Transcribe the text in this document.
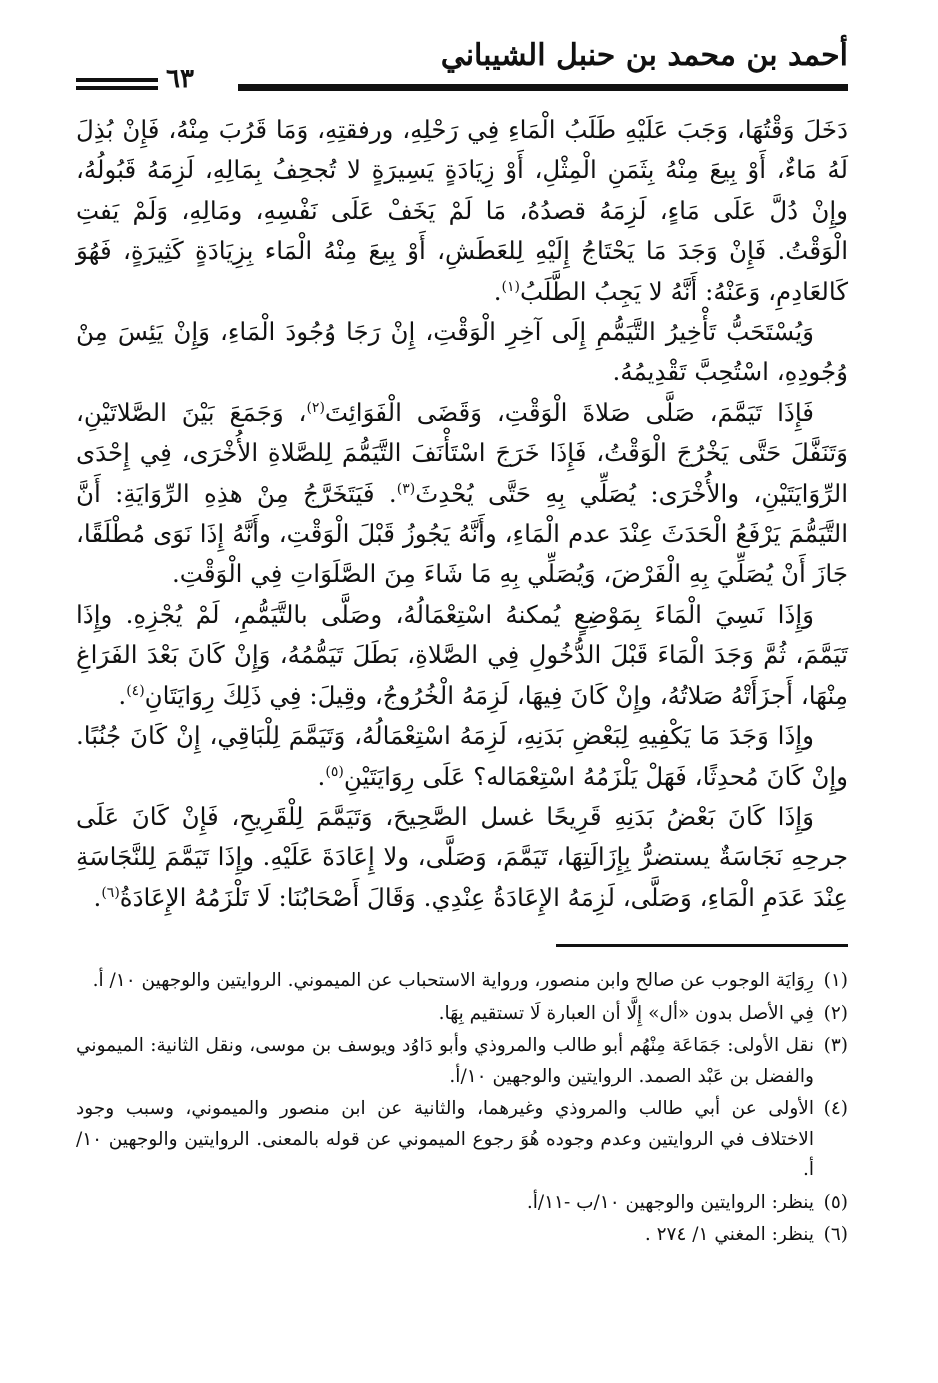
أحمد بن محمد بن حنبل الشيباني
٦٣

دَخَلَ وَقْتُهَا، وَجَبَ عَلَيْهِ طَلَبُ الْمَاءِ فِي رَحْلِهِ، ورفقتِهِ، وَمَا قَرُبَ مِنْهُ، فَإِنْ بُذِلَ لَهُ مَاءٌ، أَوْ بِيعَ مِنْهُ بِثَمَنِ الْمِثْلِ، أَوْ زِيَادَةٍ يَسِيرَةٍ لا تُجحِفُ بِمَالِهِ، لَزِمَهُ قَبُولُهُ، وإِنْ دُلَّ عَلَى مَاءٍ، لَزِمَهُ قصدُهُ، مَا لَمْ يَخَفْ عَلَى نَفْسِهِ، ومَالِهِ، وَلَمْ يَفتِ الْوَقْتُ. فَإِنْ وَجَدَ مَا يَحْتَاجُ إِلَيْهِ لِلعَطَشِ، أَوْ بِيعَ مِنْهُ الْمَاء بِزِيَادَةٍ كَثِيرَةٍ، فَهُوَ كَالعَادِمِ، وَعَنْهُ: أَنَّهُ لا يَجِبُ الطَّلَبُ$^{(١)}$.

وَيُسْتَحَبُّ تَأْخِيرُ التَّيَمُّمِ إِلَى آخِرِ الْوَقْتِ، إِنْ رَجَا وُجُودَ الْمَاءِ، وَإِنْ يَئِسَ مِنْ وُجُودِهِ، اسْتُحِبَّ تَقْدِيمُهُ.

فَإِذَا تَيَمَّمَ، صَلَّى صَلاةَ الْوَقْتِ، وَقَضَى الْفَوَائِتَ$^{(٢)}$، وَجَمَعَ بَيْنَ الصَّلاتَيْنِ، وَتَنَفَّلَ حَتَّى يَخْرُجَ الْوَقْتُ، فَإِذَا خَرَجَ اسْتَأْنَفَ التَّيَمُّمَ لِلصَّلاةِ الأُخْرَى، فِي إِحْدَى الرِّوَايَتَيْنِ، والأُخْرَى: يُصَلِّي بِهِ حَتَّى يُحْدِثَ$^{(٣)}$. فَيَتَخَرَّجُ مِنْ هذِهِ الرِّوَايَةِ: أَنَّ التَّيَمُّمَ يَرْفَعُ الْحَدَثَ عِنْدَ عدم الْمَاءِ، وأَنَّهُ يَجُوزُ قَبْلَ الْوَقْتِ، وأَنَّهُ إِذَا نَوَى مُطْلَقًا، جَازَ أَنْ يُصَلِّيَ بِهِ الْفَرْضَ، وَيُصَلِّي بِهِ مَا شَاءَ مِنَ الصَّلَوَاتِ فِي الْوَقْتِ.

وَإِذَا نَسِيَ الْمَاءَ بِمَوْضِعٍ يُمكنهُ اسْتِعْمَالُهُ، وصَلَّى بالتَّيَمُّمِ، لَمْ يُجْزِهِ. وإِذَا تَيَمَّمَ، ثُمَّ وَجَدَ الْمَاءَ قَبْلَ الدُّخُولِ فِي الصَّلاةِ، بَطَلَ تَيَمُّمُهُ، وَإِنْ كَانَ بَعْدَ الفَرَاغِ مِنْهَا، أَجزَأَتْهُ صَلاتُهُ، وإِنْ كَانَ فِيهَا، لَزِمَهُ الْخُرُوجُ، وقِيلَ: فِي ذَلِكَ رِوَايَتَانِ$^{(٤)}$.

وإِذَا وَجَدَ مَا يَكْفِيهِ لِبَعْضِ بَدَنِهِ، لَزِمَهُ اسْتِعْمَالُهُ، وَتَيَمَّمَ لِلْبَاقِي، إِنْ كَانَ جُنُبًا. وإِنْ كَانَ مُحدِثًا، فَهَلْ يَلْزَمُهُ اسْتِعْمَاله؟ عَلَى رِوَايَتَيْنِ$^{(٥)}$.

وَإِذَا كَانَ بَعْضُ بَدَنِهِ قَرِيحًا غسل الصَّحِيحَ، وَتَيَمَّمَ لِلْقَرِيحِ، فَإِنْ كَانَ عَلَى جرحِهِ نَجَاسَةٌ يستضرُّ بِإِزَالَتِهَا، تَيَمَّمَ، وَصَلَّى، ولا إِعَادَةَ عَلَيْهِ. وإِذَا تَيَمَّمَ لِلنَّجَاسَةِ عِنْدَ عَدَمِ الْمَاءِ، وَصَلَّى، لَزِمَهُ الإِعَادَةُ عِنْدِي. وَقَالَ أَصْحَابُنَا: لَا تَلْزَمُهُ الإِعَادَةُ$^{(٦)}$.

(١)
رِوَايَة الوجوب عن صالح وابن منصور، ورواية الاستحباب عن الميموني. الروايتين والوجهين ١٠/ أ.
(٢)
فِي الأصل بدون «أل» إِلَّا أن العبارة لَا تستقيم بِهَا.
(٣)
نقل الأولى: جَمَاعَة مِنْهُم أبو طالب والمروذي وأبو دَاوُد ويوسف بن موسى، ونقل الثانية: الميموني والفضل بن عَبْد الصمد. الروايتين والوجهين ١٠/أ.
(٤)
الأولى عن أبي طالب والمروذي وغيرهما، والثانية عن ابن منصور والميموني، وسبب وجود الاختلاف في الروايتين وعدم وجوده هُوَ رجوع الميموني عن قوله بالمعنى. الروايتين والوجهين ١٠/أ.
(٥)
ينظر: الروايتين والوجهين ١٠/ب -١١/أ.
(٦)
ينظر: المغني ١/ ٢٧٤ .
